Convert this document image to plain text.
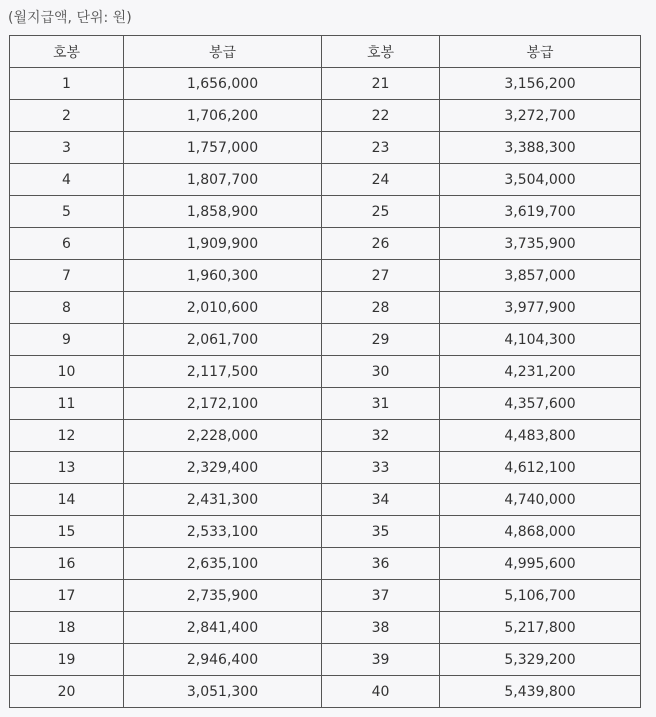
(월지급액, 단위: 원)
호봉	봉급	호봉	봉급
1	1,656,000	21	3,156,200
2	1,706,200	22	3,272,700
3	1,757,000	23	3,388,300
4	1,807,700	24	3,504,000
5	1,858,900	25	3,619,700
6	1,909,900	26	3,735,900
7	1,960,300	27	3,857,000
8	2,010,600	28	3,977,900
9	2,061,700	29	4,104,300
10	2,117,500	30	4,231,200
11	2,172,100	31	4,357,600
12	2,228,000	32	4,483,800
13	2,329,400	33	4,612,100
14	2,431,300	34	4,740,000
15	2,533,100	35	4,868,000
16	2,635,100	36	4,995,600
17	2,735,900	37	5,106,700
18	2,841,400	38	5,217,800
19	2,946,400	39	5,329,200
20	3,051,300	40	5,439,800
